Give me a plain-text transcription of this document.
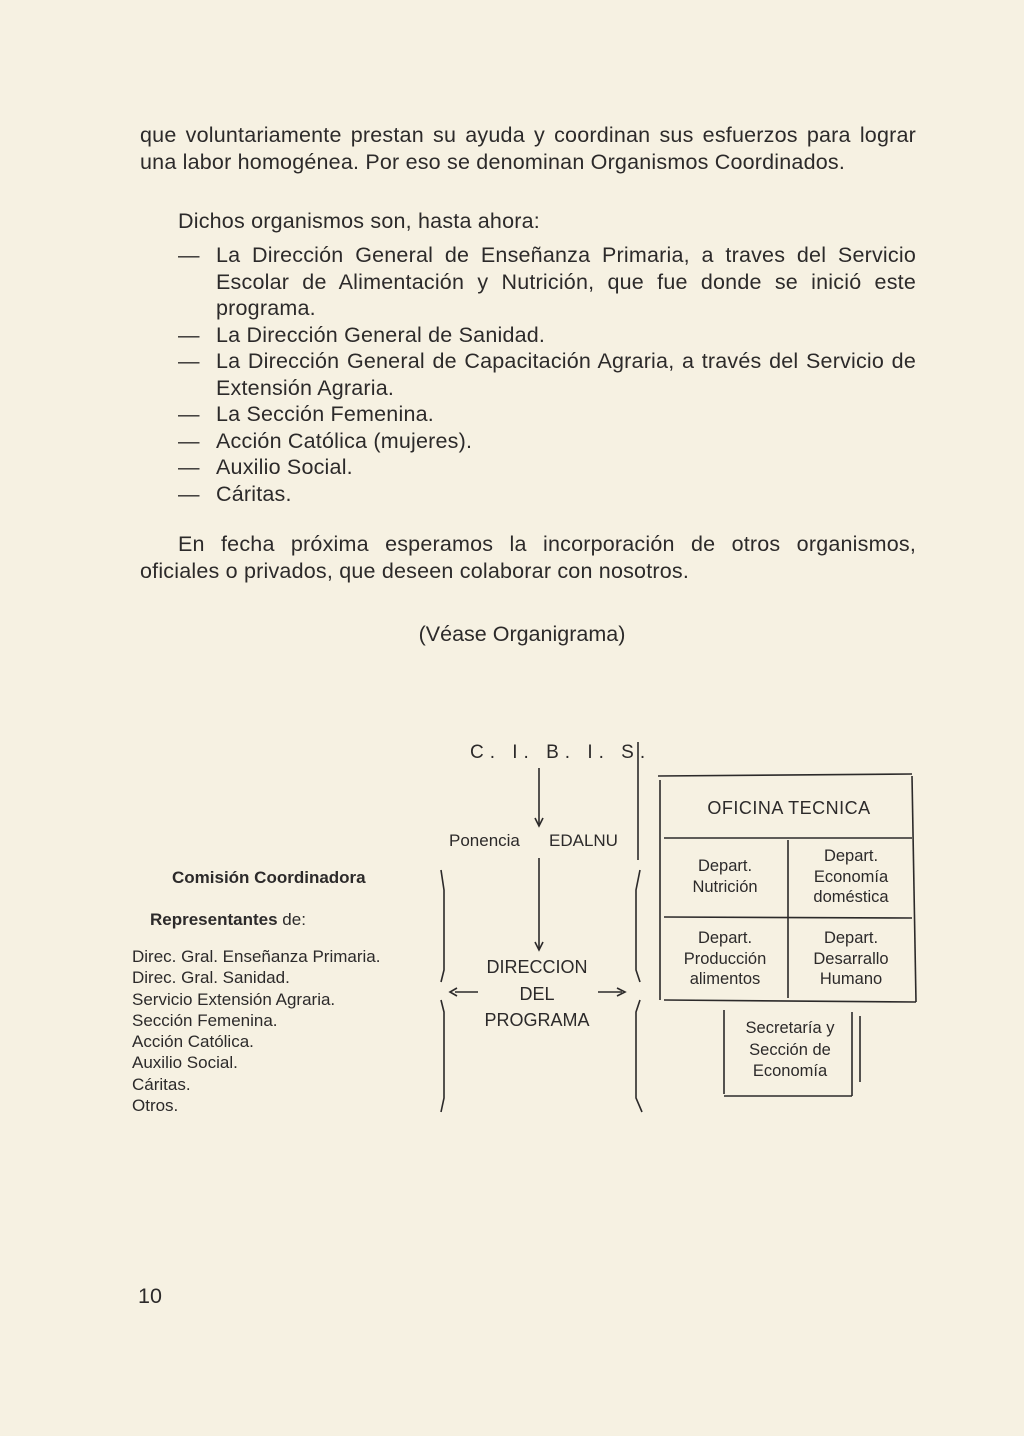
que voluntariamente prestan su ayuda y coordinan sus esfuerzos para lograr una labor homogénea. Por eso se denominan Organismos Coordinados.

Dichos organismos son, hasta ahora:

— La Dirección General de Enseñanza Primaria, a traves del Servicio Escolar de Alimentación y Nutrición, que fue donde se inició este programa.
— La Dirección General de Sanidad.
— La Dirección General de Capacitación Agraria, a través del Servicio de Extensión Agraria.
— La Sección Femenina.
— Acción Católica (mujeres).
— Auxilio Social.
— Cáritas.

En fecha próxima esperamos la incorporación de otros organismos, oficiales o privados, que deseen colaborar con nosotros.

(Véase Organigrama)
C. I. B. I. S.
Ponencia EDALNU
Comisión Coordinadora
Representantes de:
Direc. Gral. Enseñanza Primaria.
Direc. Gral. Sanidad.
Servicio Extensión Agraria.
Sección Femenina.
Acción Católica.
Auxilio Social.
Cáritas.
Otros.
DIRECCION
DEL
PROGRAMA
OFICINA TECNICA
Depart.
Nutrición
Depart.
Economía
doméstica
Depart.
Producción
alimentos
Depart.
Desarrallo
Humano
Secretaría y
Sección de
Economía
10
